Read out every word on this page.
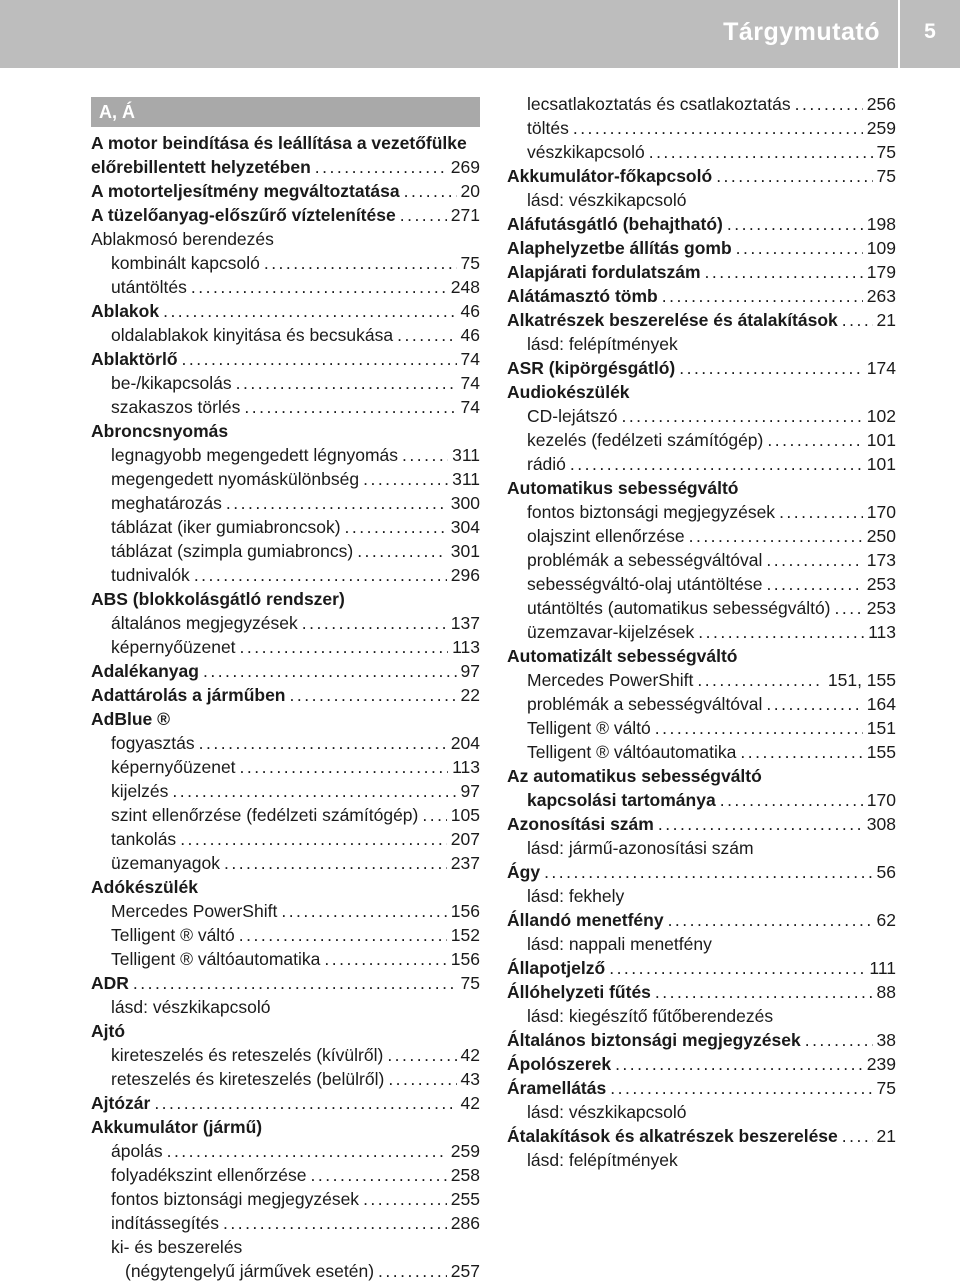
Tárgymutató	5
A, Á
A motor beindítása és leállítása a vezetőfülke
előrebillentett helyzetében .....	269
A motorteljesítmény megváltoztatása .....	20
A tüzelőanyag-előszűrő víztelenítése .....	271
Ablakmosó berendezés
kombinált kapcsoló .....	75
utántöltés .....	248
Ablakok .....	46
oldalablakok kinyitása és becsukása .....	46
Ablaktörlő .....	74
be-/kikapcsolás .....	74
szakaszos törlés .....	74
Abroncsnyomás
legnagyobb megengedett légnyomás .....	311
megengedett nyomáskülönbség .....	311
meghatározás .....	300
táblázat (iker gumiabroncsok) .....	304
táblázat (szimpla gumiabroncs) .....	301
tudnivalók .....	296
ABS (blokkolásgátló rendszer)
általános megjegyzések .....	137
képernyőüzenet .....	113
Adalékanyag .....	97
Adattárolás a járműben .....	22
AdBlue ®
fogyasztás .....	204
képernyőüzenet .....	113
kijelzés .....	97
szint ellenőrzése (fedélzeti számítógép) ..... 105
tankolás .....	207
üzemanyagok .....	237
Adókészülék
Mercedes PowerShift .....	156
Telligent ® váltó .....	152
Telligent ® váltóautomatika .....	156
ADR .....	75
lásd: vészkikapcsoló
Ajtó
kireteszelés és reteszelés (kívülről) .....	42
reteszelés és kireteszelés (belülről) .....	43
Ajtózár .....	42
Akkumulátor (jármű)
ápolás .....	259
folyadékszint ellenőrzése .....	258
fontos biztonsági megjegyzések .....	255
indítássegítés .....	286
ki- és beszerelés
(négytengelyű járművek esetén) .....	257
lecsatlakoztatás és csatlakoztatás .....	256
töltés .....	259
vészkikapcsoló .....	75
Akkumulátor-főkapcsoló .....	75
lásd: vészkikapcsoló
Aláfutásgátló (behajtható) .....	198
Alaphelyzetbe állítás gomb .....	109
Alapjárati fordulatszám .....	179
Alátámasztó tömb .....	263
Alkatrészek beszerelése és átalakítások ..... 21
lásd: felépítmények
ASR (kipörgésgátló) .....	174
Audiokészülék
CD-lejátszó .....	102
kezelés (fedélzeti számítógép) .....	101
rádió .....	101
Automatikus sebességváltó
fontos biztonsági megjegyzések .....	170
olajszint ellenőrzése .....	250
problémák a sebességváltóval .....	173
sebességváltó-olaj utántöltése .....	253
utántöltés (automatikus sebességváltó) ..... 253
üzemzavar-kijelzések .....	113
Automatizált sebességváltó
Mercedes PowerShift .....	151, 155
problémák a sebességváltóval .....	164
Telligent ® váltó .....	151
Telligent ® váltóautomatika .....	155
Az automatikus sebességváltó
kapcsolási tartománya .....	170
Azonosítási szám .....	308
lásd: jármű-azonosítási szám
Ágy .....	56
lásd: fekhely
Állandó menetfény .....	62
lásd: nappali menetfény
Állapotjelző .....	111
Állóhelyzeti fűtés .....	88
lásd: kiegészítő fűtőberendezés
Általános biztonsági megjegyzések .....	38
Ápolószerek .....	239
Áramellátás .....	75
lásd: vészkikapcsoló
Átalakítások és alkatrészek beszerelése ..... 21
lásd: felépítmények
